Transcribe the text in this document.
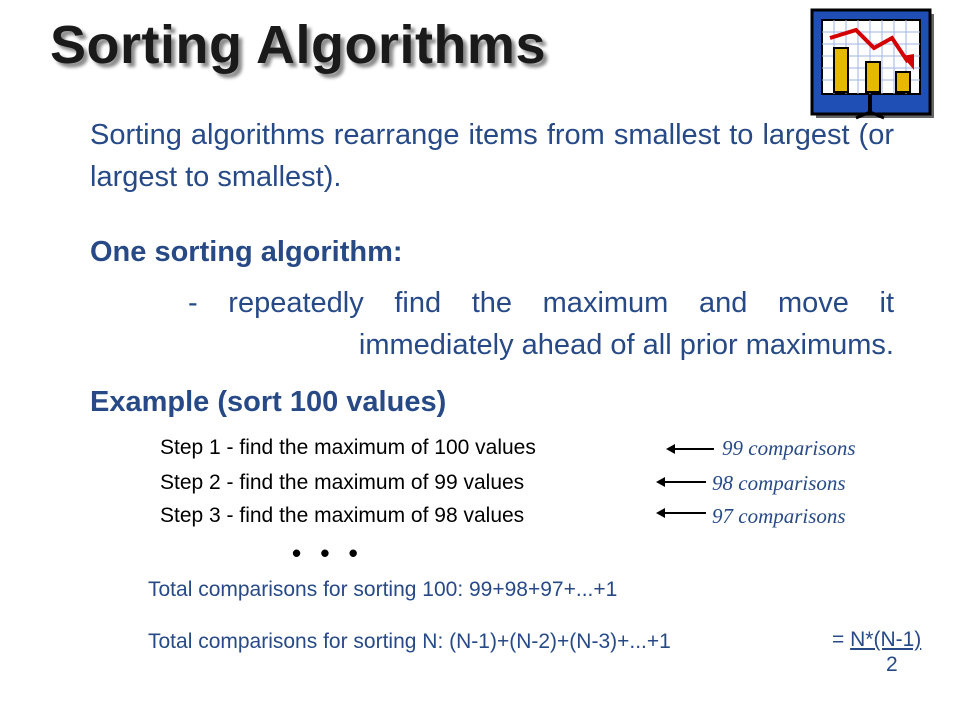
Sorting Algorithms
Sorting algorithms rearrange items from smallest to largest (or largest to smallest).
One sorting algorithm:
- repeatedly find the maximum and move it
immediately ahead of all prior maximums.
Example (sort 100 values)
Step 1 - find the maximum of 100 values	99 comparisons
Step 2 - find the maximum of 99 values	98 comparisons
Step 3 - find the maximum of 98 values	97 comparisons
• • •
Total comparisons for sorting 100: 99+98+97+...+1
Total comparisons for sorting N: (N-1)+(N-2)+(N-3)+...+1	= N*(N-1)
2
